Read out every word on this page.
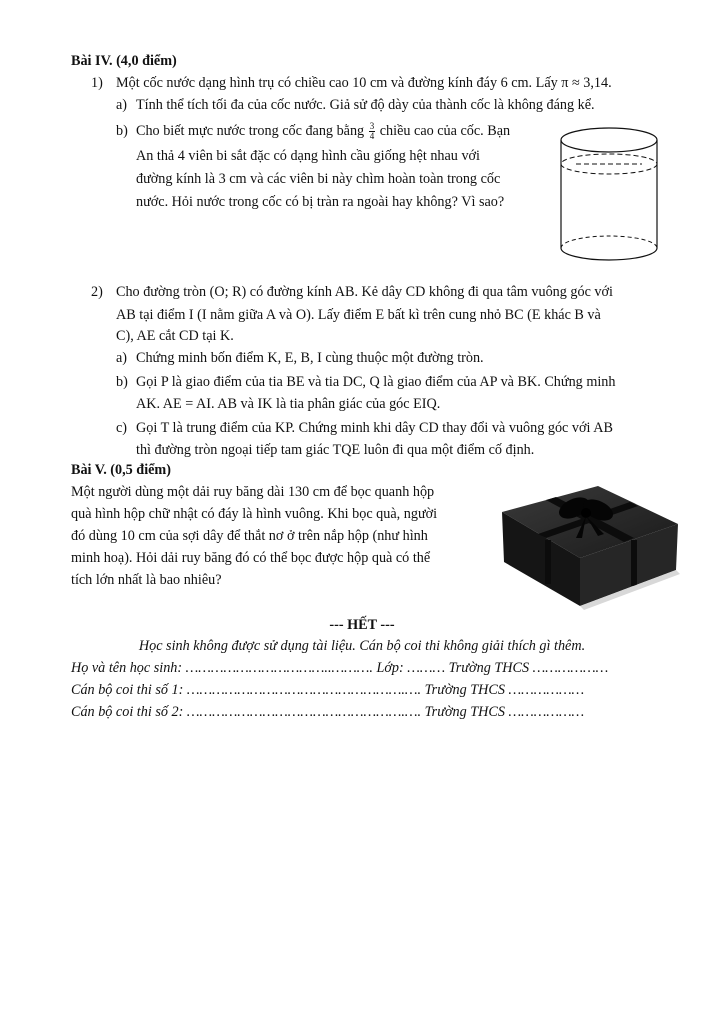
Bài IV. (4,0 điểm)
1) Một cốc nước dạng hình trụ có chiều cao 10 cm và đường kính đáy 6 cm. Lấy π ≈ 3,14.
a) Tính thể tích tối đa của cốc nước. Giả sử độ dày của thành cốc là không đáng kể.
b) Cho biết mực nước trong cốc đang bằng $\frac{3}{4}$ chiều cao của cốc. Bạn
An thả 4 viên bi sắt đặc có dạng hình cầu giống hệt nhau với
đường kính là 3 cm và các viên bi này chìm hoàn toàn trong cốc
nước. Hỏi nước trong cốc có bị tràn ra ngoài hay không? Vì sao?
2) Cho đường tròn (O; R) có đường kính AB. Kẻ dây CD không đi qua tâm vuông góc với
AB tại điểm I (I nằm giữa A và O). Lấy điểm E bất kì trên cung nhỏ BC (E khác B và
C), AE cắt CD tại K.
a) Chứng minh bốn điểm K, E, B, I cùng thuộc một đường tròn.
b) Gọi P là giao điểm của tia BE và tia DC, Q là giao điểm của AP và BK. Chứng minh
AK. AE = AI. AB và IK là tia phân giác của góc EIQ.
c) Gọi T là trung điểm của KP. Chứng minh khi dây CD thay đổi và vuông góc với AB
thì đường tròn ngoại tiếp tam giác TQE luôn đi qua một điểm cố định.
Bài V. (0,5 điểm)
Một người dùng một dải ruy băng dài 130 cm để bọc quanh hộp
quà hình hộp chữ nhật có đáy là hình vuông. Khi bọc quà, người
đó dùng 10 cm của sợi dây để thắt nơ ở trên nắp hộp (như hình
minh hoạ). Hỏi dải ruy băng đó có thể bọc được hộp quà có thể
tích lớn nhất là bao nhiêu?
--- HẾT ---
Học sinh không được sử dụng tài liệu. Cán bộ coi thi không giải thích gì thêm.
Họ và tên học sinh: ……………………………..………. Lớp: ……… Trường THCS ………………
Cán bộ coi thi số 1: …………………………………………….…. Trường THCS ………………
Cán bộ coi thi số 2: …………………………………………….…. Trường THCS ………………
